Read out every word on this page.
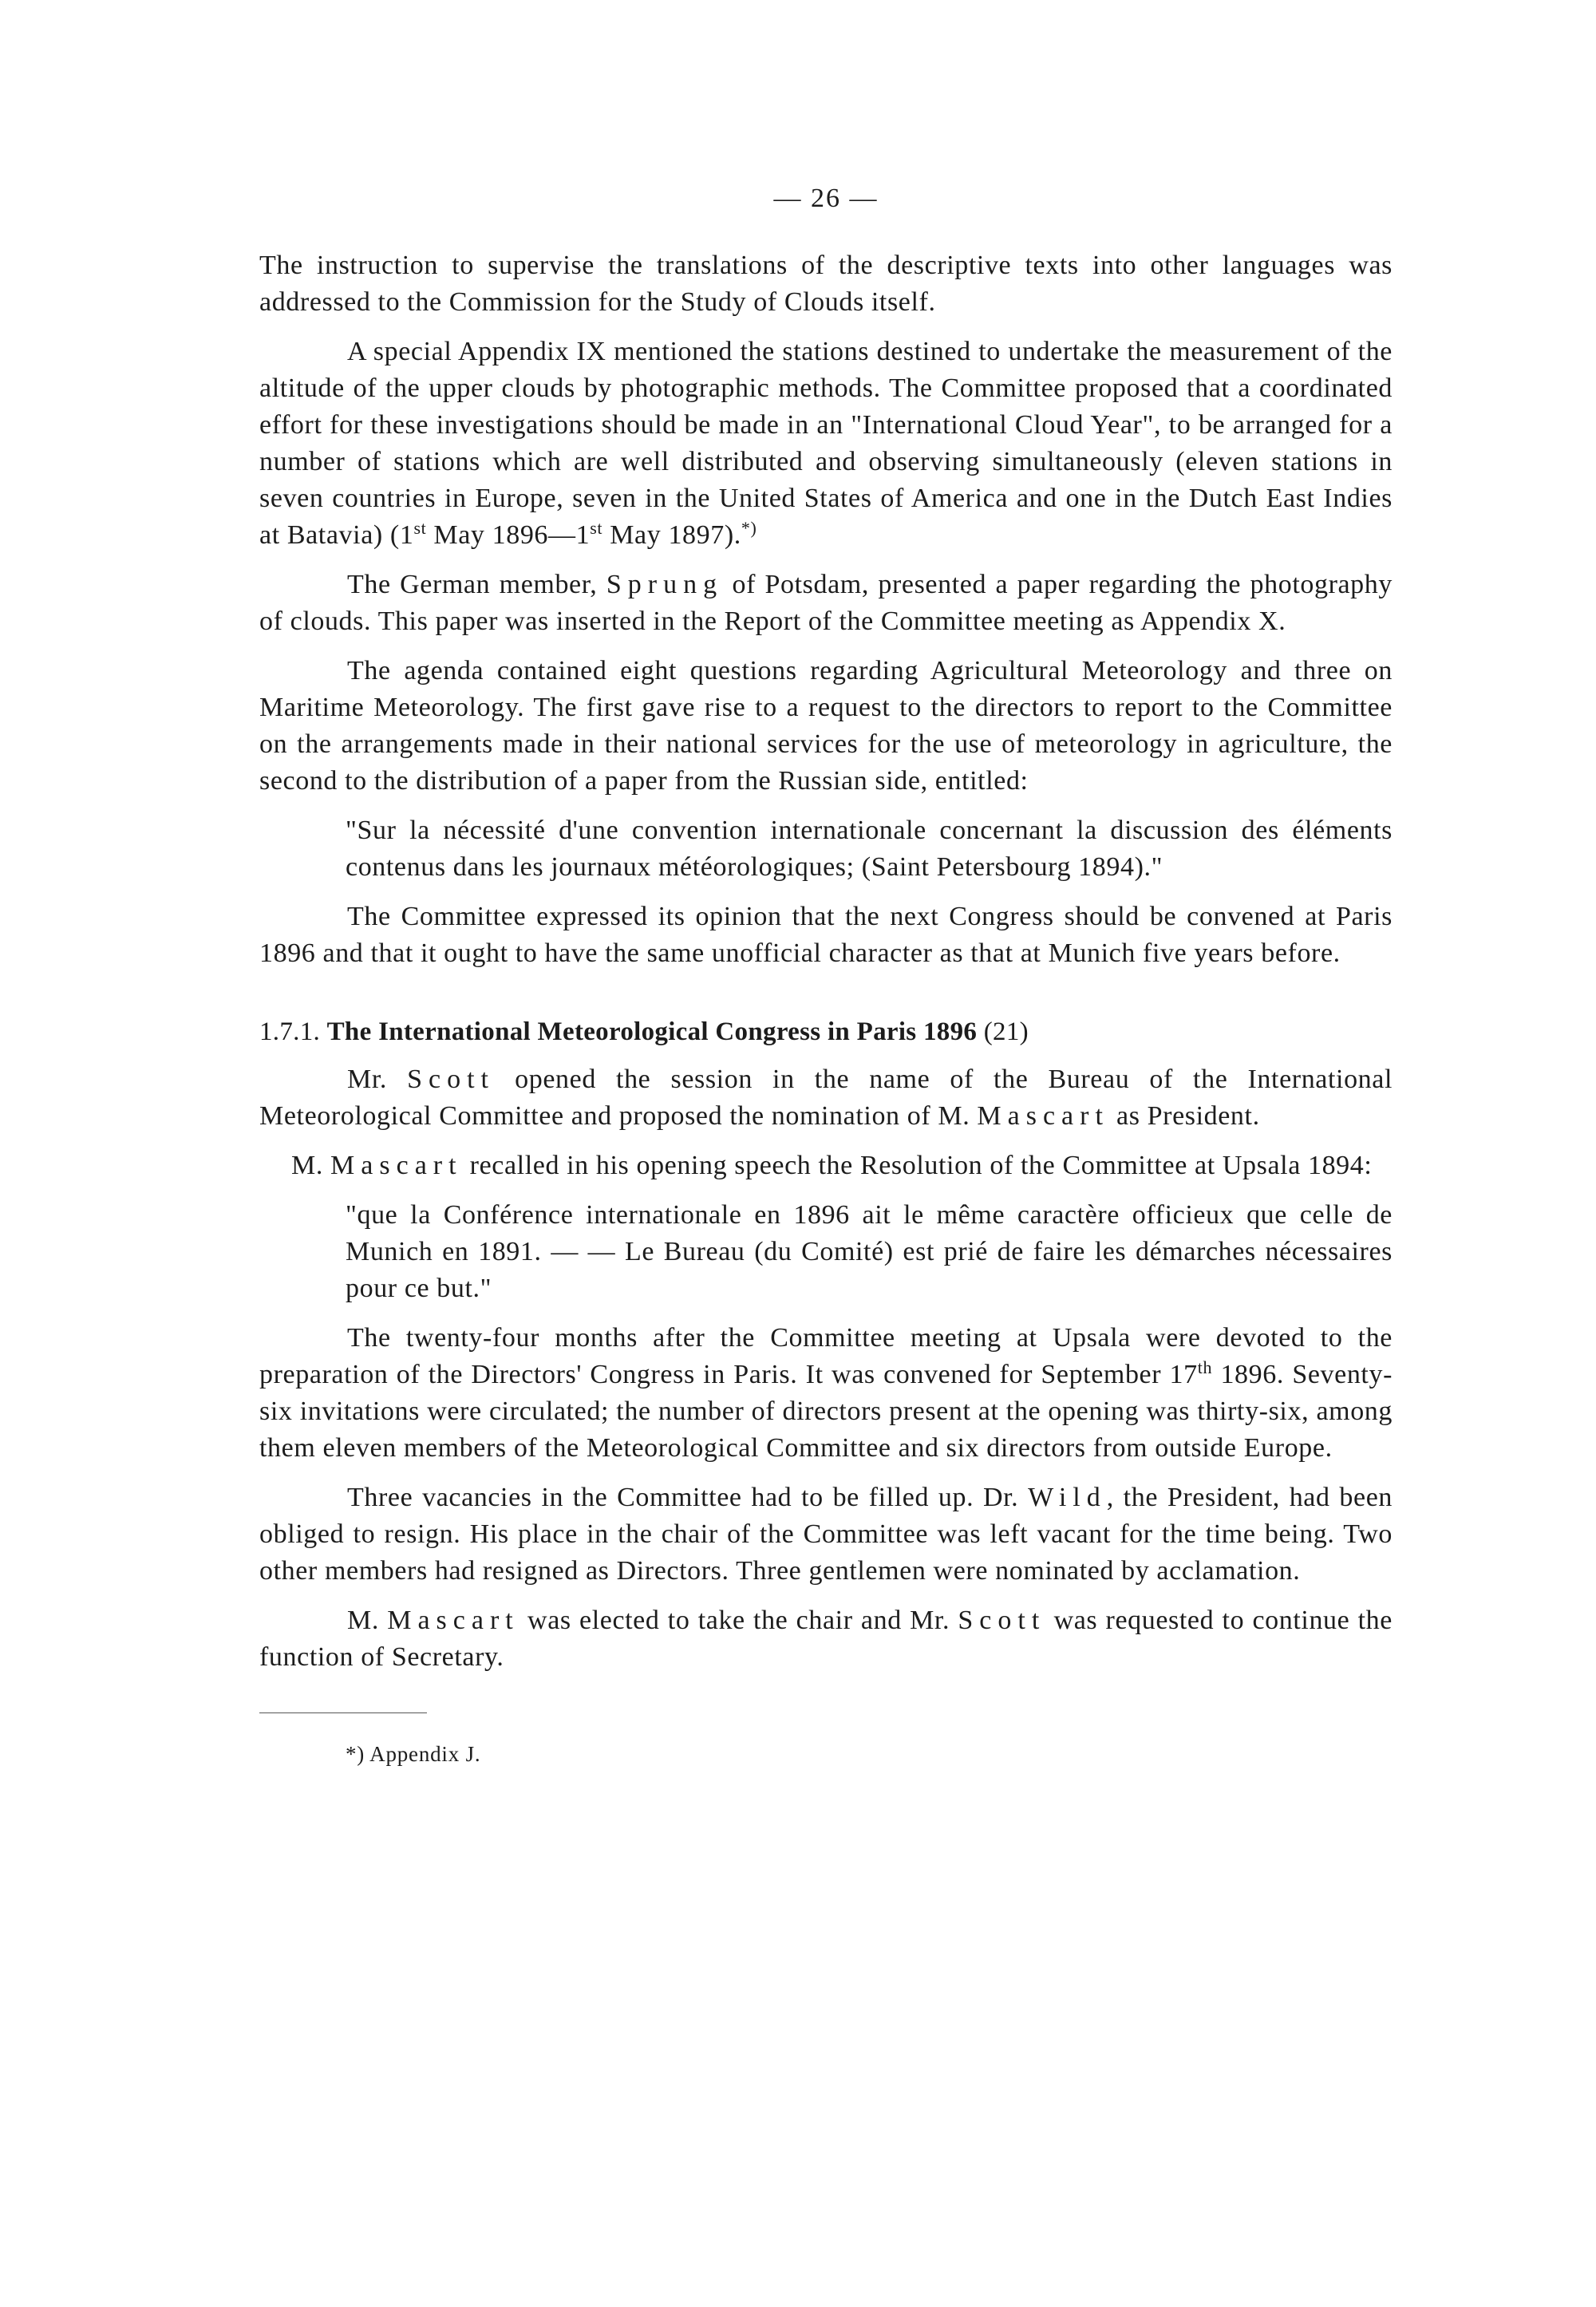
— 26 —

The instruction to supervise the translations of the descriptive texts into other languages was addressed to the Commission for the Study of Clouds itself.

A special Appendix IX mentioned the stations destined to undertake the measurement of the altitude of the upper clouds by photographic methods. The Committee proposed that a coordinated effort for these investigations should be made in an "International Cloud Year", to be arranged for a number of stations which are well distributed and observing simultaneously (eleven stations in seven countries in Europe, seven in the United States of America and one in the Dutch East Indies at Batavia) (1st May 1896—1st May 1897).*)

The German member, Sprung of Potsdam, presented a paper regarding the photography of clouds. This paper was inserted in the Report of the Committee meeting as Appendix X.

The agenda contained eight questions regarding Agricultural Meteorology and three on Maritime Meteorology. The first gave rise to a request to the directors to report to the Committee on the arrangements made in their national services for the use of meteorology in agriculture, the second to the distribution of a paper from the Russian side, entitled:

"Sur la nécessité d'une convention internationale concernant la discussion des éléments contenus dans les journaux météorologiques; (Saint Petersbourg 1894)."

The Committee expressed its opinion that the next Congress should be convened at Paris 1896 and that it ought to have the same unofficial character as that at Munich five years before.

1.7.1. The International Meteorological Congress in Paris 1896 (21)

Mr. Scott opened the session in the name of the Bureau of the International Meteorological Committee and proposed the nomination of M. Mascart as President.

M. Mascart recalled in his opening speech the Resolution of the Committee at Upsala 1894:

"que la Conférence internationale en 1896 ait le même caractère officieux que celle de Munich en 1891. — — Le Bureau (du Comité) est prié de faire les démarches nécessaires pour ce but."

The twenty-four months after the Committee meeting at Upsala were devoted to the preparation of the Directors' Congress in Paris. It was convened for September 17th 1896. Seventy-six invitations were circulated; the number of directors present at the opening was thirty-six, among them eleven members of the Meteorological Committee and six directors from outside Europe.

Three vacancies in the Committee had to be filled up. Dr. Wild, the President, had been obliged to resign. His place in the chair of the Committee was left vacant for the time being. Two other members had resigned as Directors. Three gentlemen were nominated by acclamation.

M. Mascart was elected to take the chair and Mr. Scott was requested to continue the function of Secretary.

*) Appendix J.
